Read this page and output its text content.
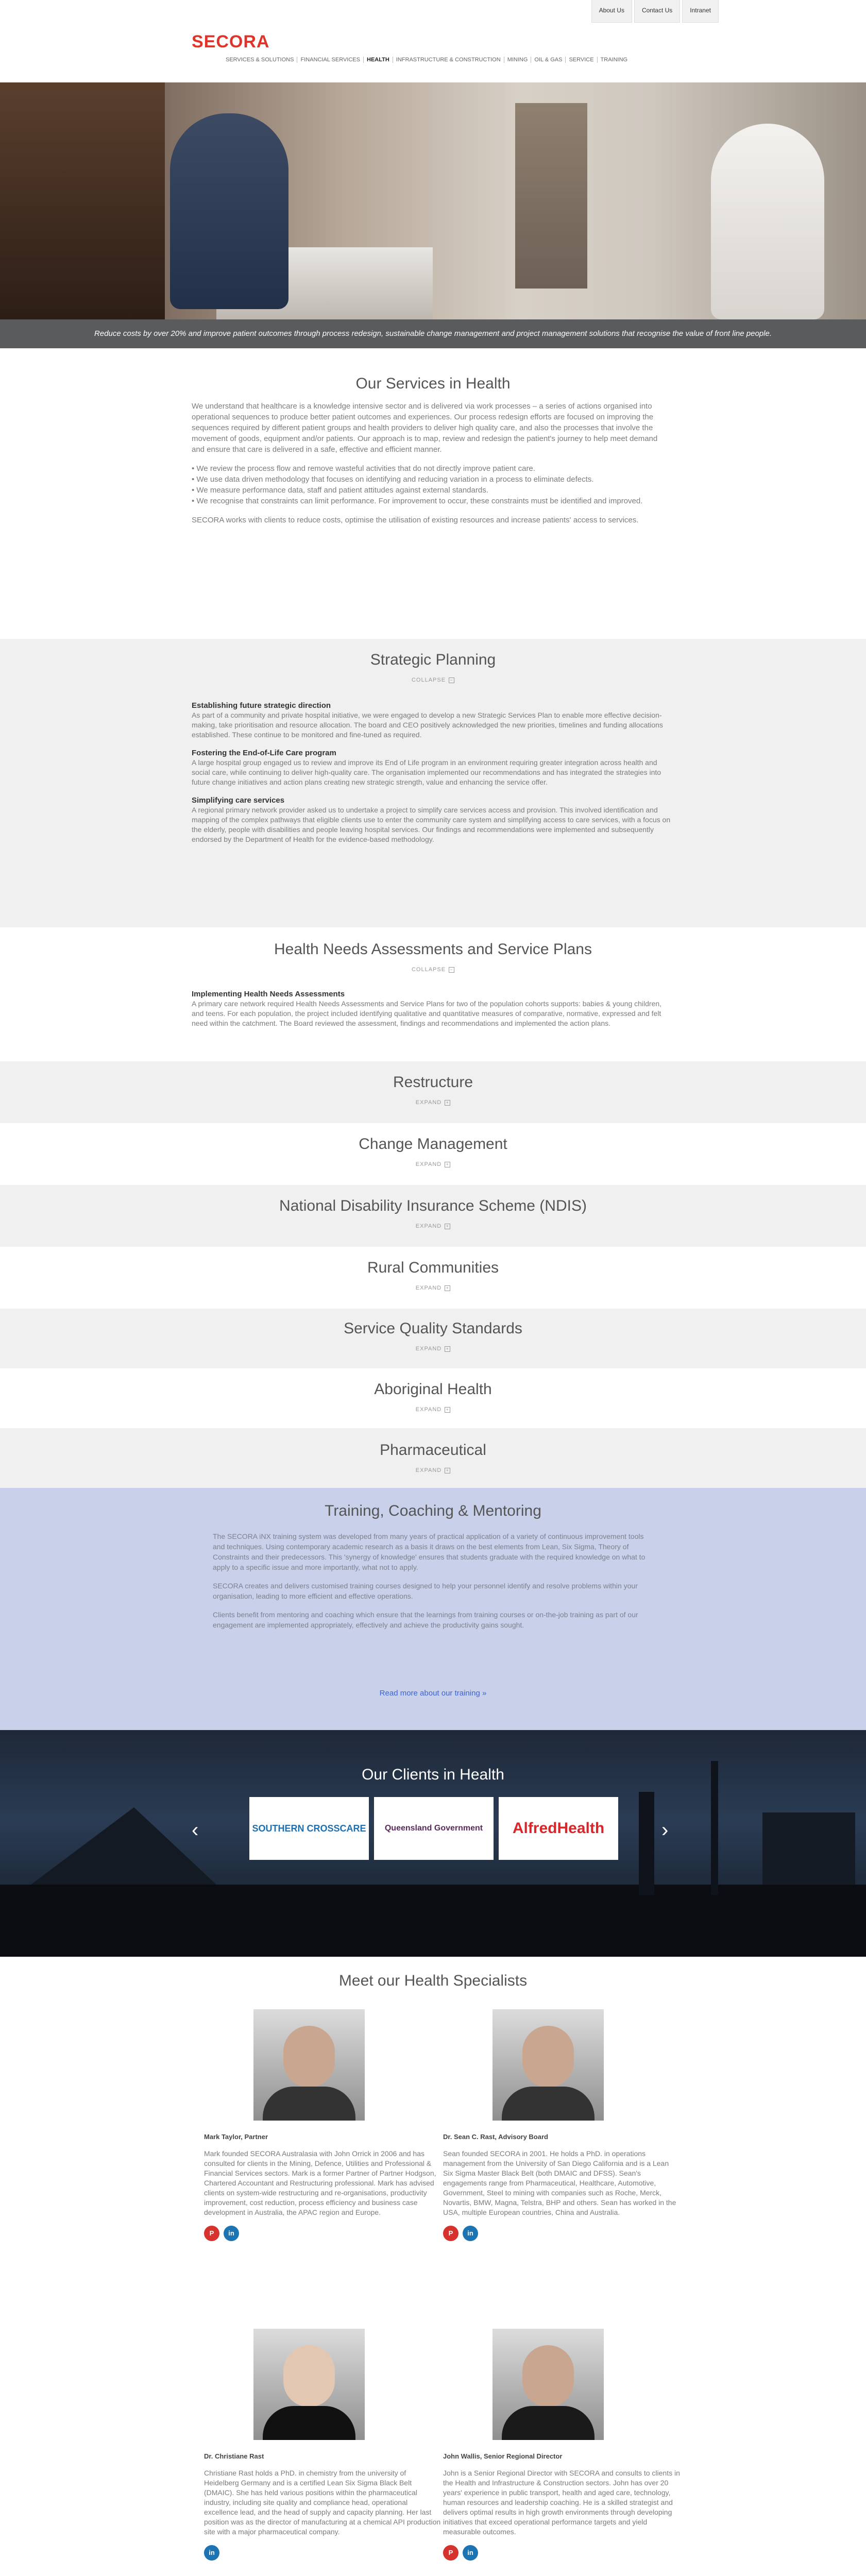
About Us	Contact Us	Intranet
SECORA
SERVICES & SOLUTIONS	FINANCIAL SERVICES	HEALTH	INFRASTRUCTURE & CONSTRUCTION	MINING	OIL & GAS	SERVICE	TRAINING
Reduce costs by over 20% and improve patient outcomes through process redesign, sustainable change management and project management solutions that recognise the value of front line people.
Our Services in Health

We understand that healthcare is a knowledge intensive sector and is delivered via work processes – a series of actions organised into operational sequences to produce better patient outcomes and experiences. Our process redesign efforts are focused on improving the sequences required by different patient groups and health providers to deliver high quality care, and also the processes that involve the movement of goods, equipment and/or patients. Our approach is to map, review and redesign the patient's journey to help meet demand and ensure that care is delivered in a safe, effective and efficient manner.

• We review the process flow and remove wasteful activities that do not directly improve patient care.
• We use data driven methodology that focuses on identifying and reducing variation in a process to eliminate defects.
• We measure performance data, staff and patient attitudes against external standards.
• We recognise that constraints can limit performance. For improvement to occur, these constraints must be identified and improved.

SECORA works with clients to reduce costs, optimise the utilisation of existing resources and increase patients' access to services.

Strategic Planning
COLLAPSE −
Establishing future strategic direction

As part of a community and private hospital initiative, we were engaged to develop a new Strategic Services Plan to enable more effective decision-making, take prioritisation and resource allocation. The board and CEO positively acknowledged the new priorities, timelines and funding allocations established. These continue to be monitored and fine-tuned as required.

Fostering the End-of-Life Care program

A large hospital group engaged us to review and improve its End of Life program in an environment requiring greater integration across health and social care, while continuing to deliver high-quality care. The organisation implemented our recommendations and has integrated the strategies into future change initiatives and action plans creating new strategic strength, value and enhancing the service offer.

Simplifying care services

A regional primary network provider asked us to undertake a project to simplify care services access and provision. This involved identification and mapping of the complex pathways that eligible clients use to enter the community care system and simplifying access to care services, with a focus on the elderly, people with disabilities and people leaving hospital services. Our findings and recommendations were implemented and subsequently endorsed by the Department of Health for the evidence-based methodology.

Health Needs Assessments and Service Plans
COLLAPSE −
Implementing Health Needs Assessments

A primary care network required Health Needs Assessments and Service Plans for two of the population cohorts supports: babies & young children, and teens. For each population, the project included identifying qualitative and quantitative measures of comparative, normative, expressed and felt need within the catchment. The Board reviewed the assessment, findings and recommendations and implemented the action plans.

Restructure
EXPAND +
Change Management
EXPAND +
National Disability Insurance Scheme (NDIS)
EXPAND +
Rural Communities
EXPAND +
Service Quality Standards
EXPAND +
Aboriginal Health
EXPAND +
Pharmaceutical
EXPAND +
Training, Coaching & Mentoring

The SECORA iNX training system was developed from many years of practical application of a variety of continuous improvement tools and techniques. Using contemporary academic research as a basis it draws on the best elements from Lean, Six Sigma, Theory of Constraints and their predecessors. This 'synergy of knowledge' ensures that students graduate with the required knowledge on what to apply to a specific issue and more importantly, what not to apply.

SECORA creates and delivers customised training courses designed to help your personnel identify and resolve problems within your organisation, leading to more efficient and effective operations.

Clients benefit from mentoring and coaching which ensure that the learnings from training courses or on-the-job training as part of our engagement are implemented appropriately, effectively and achieve the productivity gains sought.

Read more about our training »
Our Clients in Health
‹	SOUTHERN CROSSCARE Queensland Government AlfredHealth	›
Meet our Health Specialists
Mark Taylor, Partner
Mark founded SECORA Australasia with John Orrick in 2006 and has consulted for clients in the Mining, Defence, Utilities and Professional & Financial Services sectors. Mark is a former Partner of Partner Hodgson, Chartered Accountant and Restructuring professional. Mark has advised clients on system-wide restructuring and re-organisations, productivity improvement, cost reduction, process efficiency and business case development in Australia, the APAC region and Europe.
P	in
Dr. Sean C. Rast, Advisory Board
Sean founded SECORA in 2001. He holds a PhD. in operations management from the University of San Diego California and is a Lean Six Sigma Master Black Belt (both DMAIC and DFSS). Sean's engagements range from Pharmaceutical, Healthcare, Automotive, Government, Steel to mining with companies such as Roche, Merck, Novartis, BMW, Magna, Telstra, BHP and others. Sean has worked in the USA, multiple European countries, China and Australia.
P	in
Dr. Christiane Rast
Christiane Rast holds a PhD. in chemistry from the university of Heidelberg Germany and is a certified Lean Six Sigma Black Belt (DMAIC). She has held various positions within the pharmaceutical industry, including site quality and compliance head, operational excellence lead, and the head of supply and capacity planning. Her last position was as the director of manufacturing at a chemical API production site with a major pharmaceutical company.
in
John Wallis, Senior Regional Director
John is a Senior Regional Director with SECORA and consults to clients in the Health and Infrastructure & Construction sectors. John has over 20 years' experience in public transport, health and aged care, technology, human resources and leadership coaching. He is a skilled strategist and delivers optimal results in high growth environments through developing initiatives that exceed operational performance targets and yield measurable outcomes.
P	in
